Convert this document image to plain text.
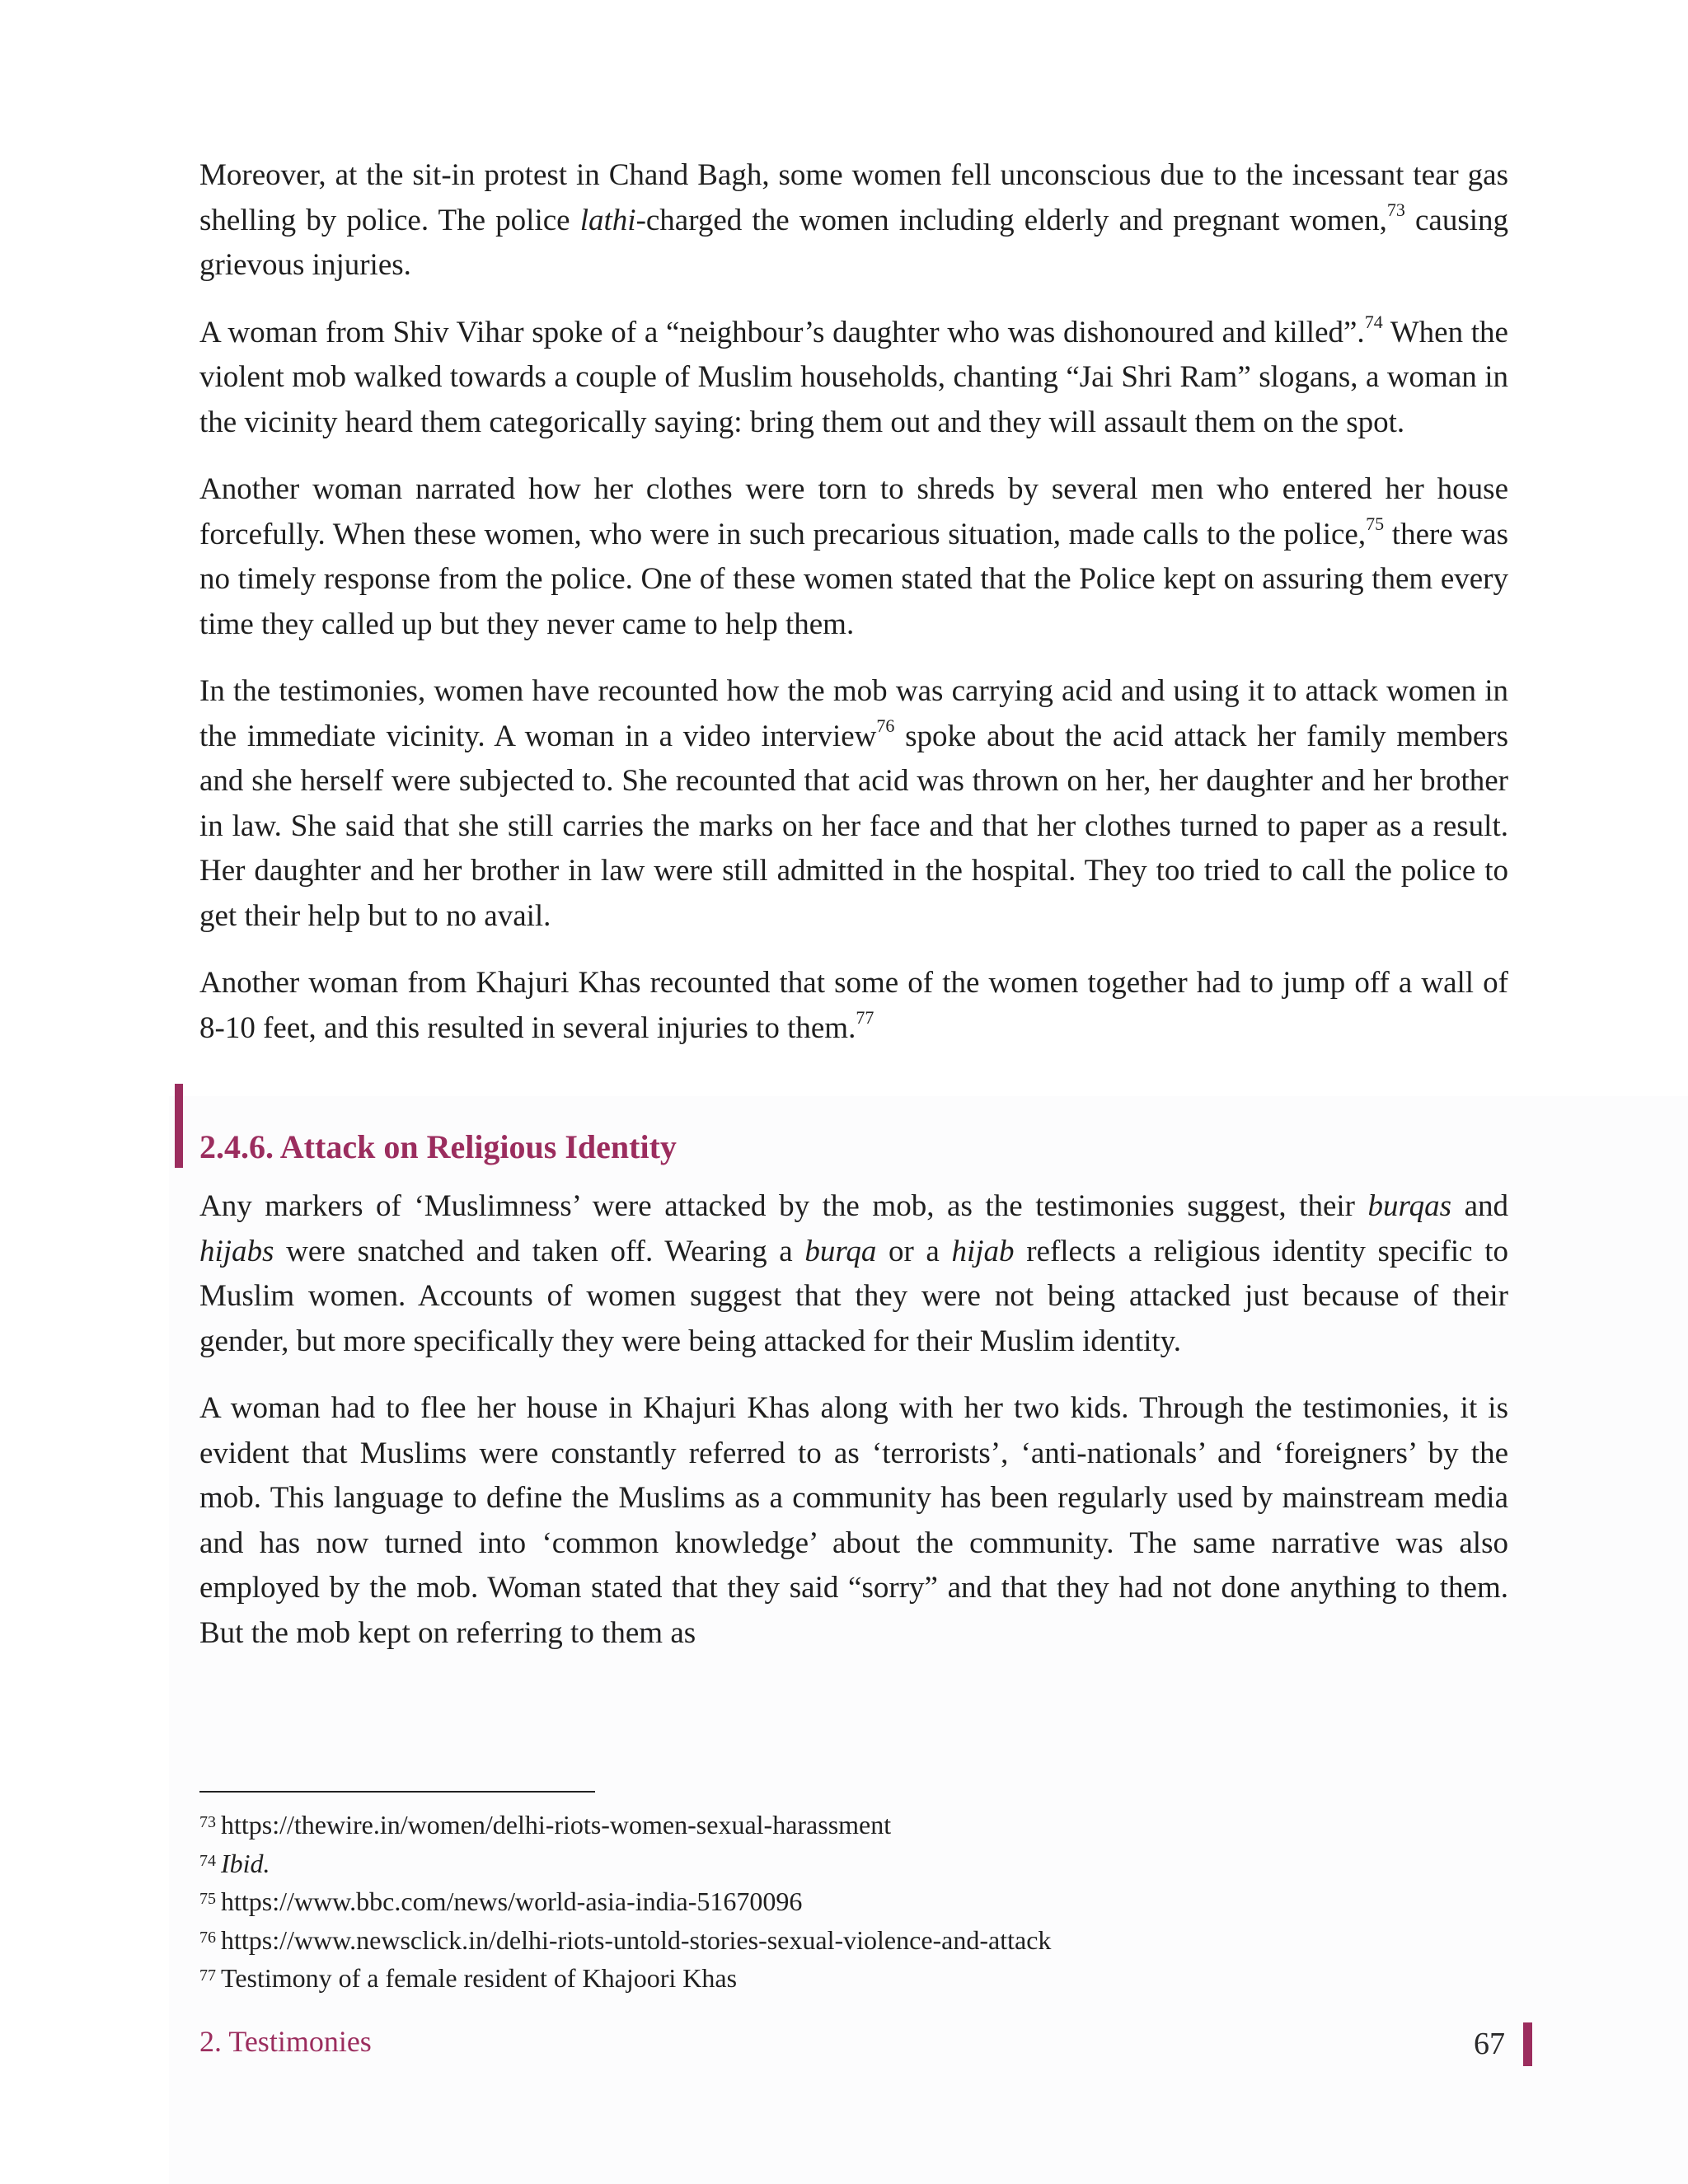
Moreover, at the sit-in protest in Chand Bagh, some women fell unconscious due to the incessant tear gas shelling by police. The police lathi-charged the women including elderly and pregnant women,$^{73}$ causing grievous injuries.

A woman from Shiv Vihar spoke of a “neighbour’s daughter who was dishonoured and killed”.$^{74}$ When the violent mob walked towards a couple of Muslim households, chanting “Jai Shri Ram” slogans, a woman in the vicinity heard them categorically saying: bring them out and they will assault them on the spot.

Another woman narrated how her clothes were torn to shreds by several men who entered her house forcefully. When these women, who were in such precarious situation, made calls to the police,$^{75}$ there was no timely response from the police. One of these women stated that the Police kept on assuring them every time they called up but they never came to help them.

In the testimonies, women have recounted how the mob was carrying acid and using it to attack women in the immediate vicinity. A woman in a video interview$^{76}$ spoke about the acid attack her family members and she herself were subjected to. She recounted that acid was thrown on her, her daughter and her brother in law. She said that she still carries the marks on her face and that her clothes turned to paper as a result. Her daughter and her brother in law were still admitted in the hospital. They too tried to call the police to get their help but to no avail.

Another woman from Khajuri Khas recounted that some of the women together had to jump off a wall of 8-10 feet, and this resulted in several injuries to them.$^{77}$

2.4.6. Attack on Religious Identity

Any markers of ‘Muslimness’ were attacked by the mob, as the testimonies suggest, their burqas and hijabs were snatched and taken off. Wearing a burqa or a hijab reflects a religious identity specific to Muslim women. Accounts of women suggest that they were not being attacked just because of their gender, but more specifically they were being attacked for their Muslim identity.

A woman had to flee her house in Khajuri Khas along with her two kids. Through the testimonies, it is evident that Muslims were constantly referred to as ‘terrorists’, ‘anti-nationals’ and ‘foreigners’ by the mob. This language to define the Muslims as a community has been regularly used by mainstream media and has now turned into ‘common knowledge’ about the community. The same narrative was also employed by the mob. Woman stated that they said “sorry” and that they had not done anything to them. But the mob kept on referring to them as

$^{73}$ https://thewire.in/women/delhi-riots-women-sexual-harassment
$^{74}$ Ibid.
$^{75}$ https://www.bbc.com/news/world-asia-india-51670096
$^{76}$ https://www.newsclick.in/delhi-riots-untold-stories-sexual-violence-and-attack
$^{77}$ Testimony of a female resident of Khajoori Khas
2. Testimonies	67
